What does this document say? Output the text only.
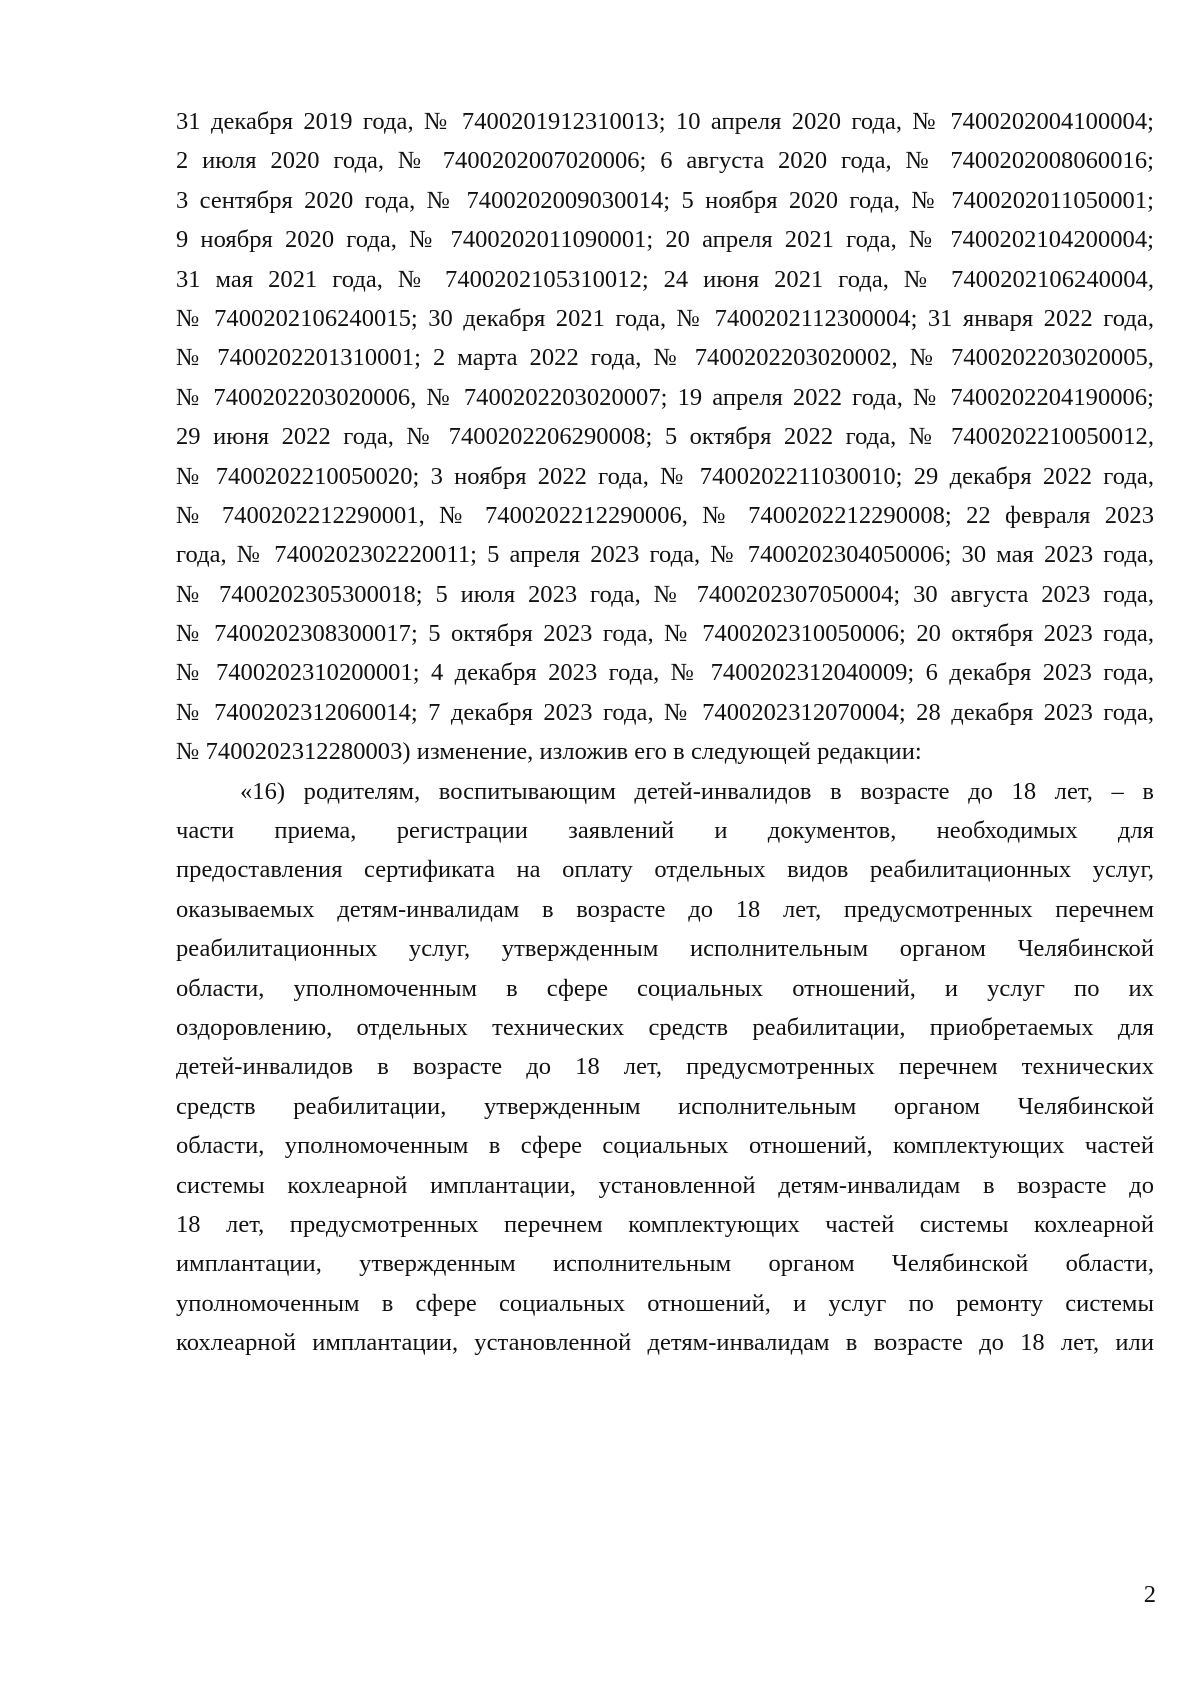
31 декабря 2019 года, № 7400201912310013; 10 апреля 2020 года, № 7400202004100004;
2 июля 2020 года, № 7400202007020006; 6 августа 2020 года, № 7400202008060016;
3 сентября 2020 года, № 7400202009030014; 5 ноября 2020 года, № 7400202011050001;
9 ноября 2020 года, № 7400202011090001; 20 апреля 2021 года, № 7400202104200004;
31 мая 2021 года, № 7400202105310012; 24 июня 2021 года, № 7400202106240004,
№ 7400202106240015; 30 декабря 2021 года, № 7400202112300004; 31 января 2022 года,
№ 7400202201310001; 2 марта 2022 года, № 7400202203020002, № 7400202203020005,
№ 7400202203020006, № 7400202203020007; 19 апреля 2022 года, № 7400202204190006;
29 июня 2022 года, № 7400202206290008; 5 октября 2022 года, № 7400202210050012,
№ 7400202210050020; 3 ноября 2022 года, № 7400202211030010; 29 декабря 2022 года,
№ 7400202212290001, № 7400202212290006, № 7400202212290008; 22 февраля 2023
года, № 7400202302220011; 5 апреля 2023 года, № 7400202304050006; 30 мая 2023 года,
№ 7400202305300018; 5 июля 2023 года, № 7400202307050004; 30 августа 2023 года,
№ 7400202308300017; 5 октября 2023 года, № 7400202310050006; 20 октября 2023 года,
№ 7400202310200001; 4 декабря 2023 года, № 7400202312040009; 6 декабря 2023 года,
№ 7400202312060014; 7 декабря 2023 года, № 7400202312070004; 28 декабря 2023 года,
№ 7400202312280003) изменение, изложив его в следующей редакции:
«16) родителям, воспитывающим детей-инвалидов в возрасте до 18 лет, – в
части приема, регистрации заявлений и документов, необходимых для
предоставления сертификата на оплату отдельных видов реабилитационных услуг,
оказываемых детям-инвалидам в возрасте до 18 лет, предусмотренных перечнем
реабилитационных услуг, утвержденным исполнительным органом Челябинской
области, уполномоченным в сфере социальных отношений, и услуг по их
оздоровлению, отдельных технических средств реабилитации, приобретаемых для
детей-инвалидов в возрасте до 18 лет, предусмотренных перечнем технических
средств реабилитации, утвержденным исполнительным органом Челябинской
области, уполномоченным в сфере социальных отношений, комплектующих частей
системы кохлеарной имплантации, установленной детям-инвалидам в возрасте до
18 лет, предусмотренных перечнем комплектующих частей системы кохлеарной
имплантации, утвержденным исполнительным органом Челябинской области,
уполномоченным в сфере социальных отношений, и услуг по ремонту системы
кохлеарной имплантации, установленной детям-инвалидам в возрасте до 18 лет, или
2
